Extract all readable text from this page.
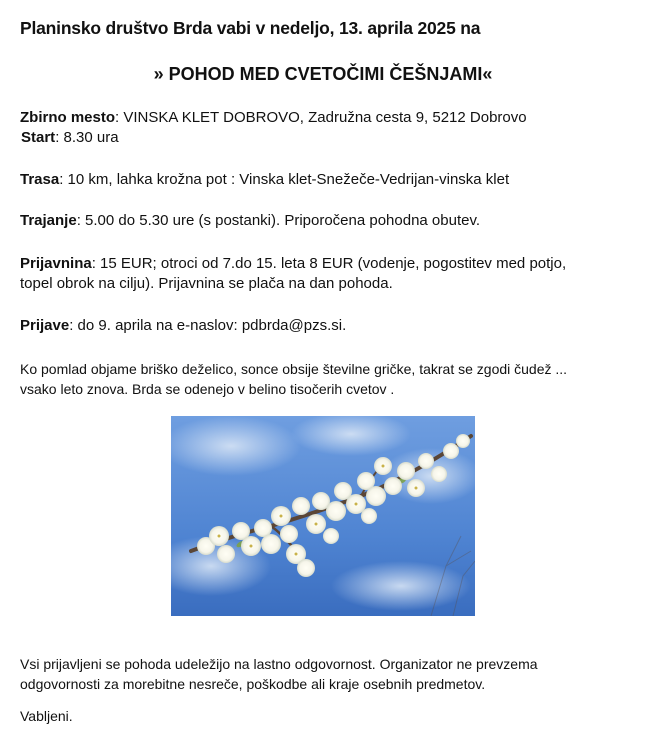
Planinsko društvo Brda vabi v nedeljo, 13. aprila 2025 na
» POHOD MED CVETOČIMI ČEŠNJAMI«
Zbirno mesto: VINSKA KLET DOBROVO, Zadružna cesta 9, 5212 Dobrovo
Start: 8.30 ura
Trasa: 10 km, lahka krožna pot : Vinska klet-Snežeče-Vedrijan-vinska klet
Trajanje: 5.00 do 5.30 ure (s postanki). Priporočena pohodna obutev.
Prijavnina: 15 EUR; otroci od 7.do 15. leta 8 EUR (vodenje, pogostitev med potjo,
topel obrok na cilju). Prijavnina se plača na dan pohoda.
Prijave: do 9. aprila na e-naslov: pdbrda@pzs.si.
Ko pomlad objame briško deželico, sonce obsije številne gričke, takrat se zgodi čudež ...
vsako leto znova. Brda se odenejo v belino tisočerih cvetov .
Vsi prijavljeni se pohoda udeležijo na lastno odgovornost. Organizator ne prevzema
odgovornosti za morebitne nesreče, poškodbe ali kraje osebnih predmetov.
Vabljeni.
